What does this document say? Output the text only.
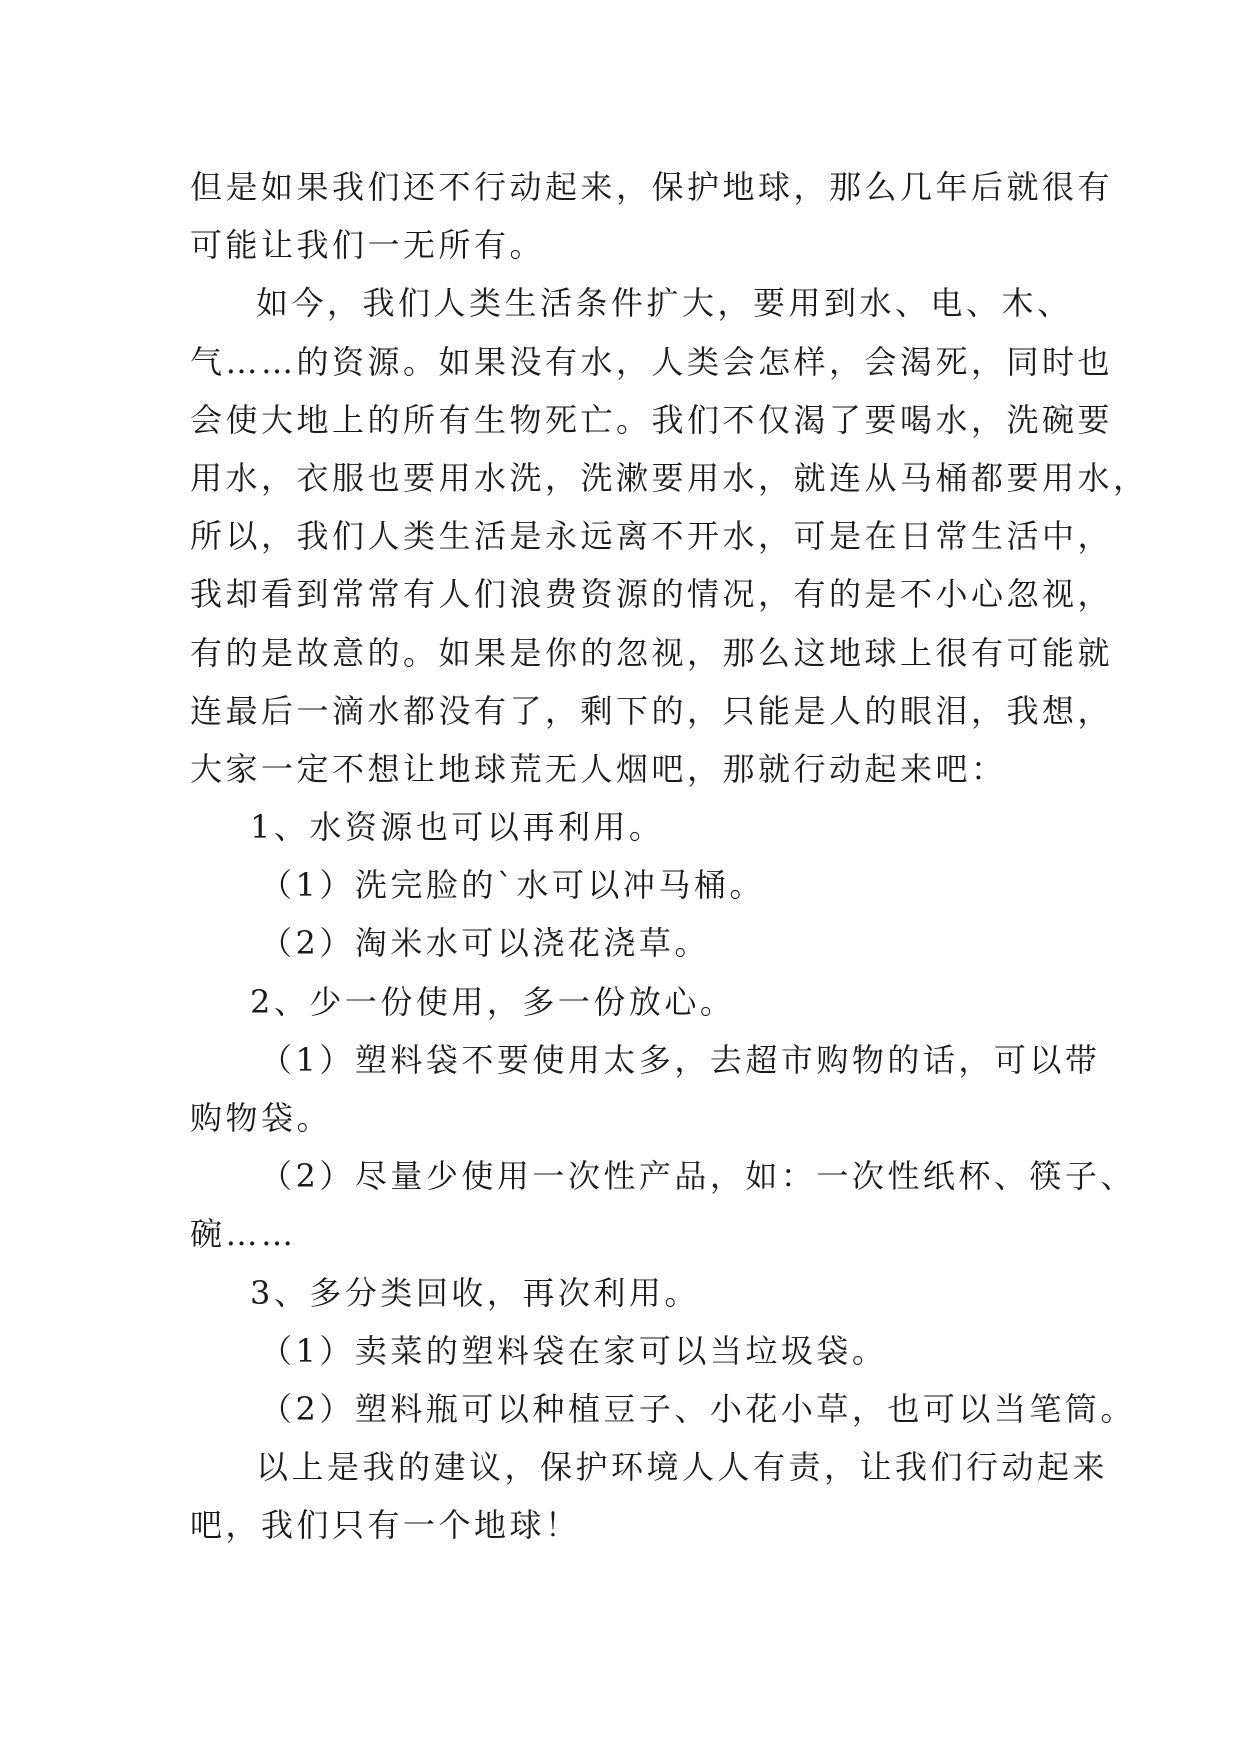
但是如果我们还不行动起来，保护地球，那么几年后就很有
可能让我们一无所有。
如今，我们人类生活条件扩大，要用到水、电、木、
气……的资源。如果没有水，人类会怎样，会渴死，同时也
会使大地上的所有生物死亡。我们不仅渴了要喝水，洗碗要
用水，衣服也要用水洗，洗漱要用水，就连从马桶都要用水，
所以，我们人类生活是永远离不开水，可是在日常生活中，
我却看到常常有人们浪费资源的情况，有的是不小心忽视，
有的是故意的。如果是你的忽视，那么这地球上很有可能就
连最后一滴水都没有了，剩下的，只能是人的眼泪，我想，
大家一定不想让地球荒无人烟吧，那就行动起来吧：
1、水资源也可以再利用。
（1）洗完脸的`水可以冲马桶。
（2）淘米水可以浇花浇草。
2、少一份使用，多一份放心。
（1）塑料袋不要使用太多，去超市购物的话，可以带
购物袋。
（2）尽量少使用一次性产品，如：一次性纸杯、筷子、
碗……
3、多分类回收，再次利用。
（1）卖菜的塑料袋在家可以当垃圾袋。
（2）塑料瓶可以种植豆子、小花小草，也可以当笔筒。
以上是我的建议，保护环境人人有责，让我们行动起来
吧，我们只有一个地球！
